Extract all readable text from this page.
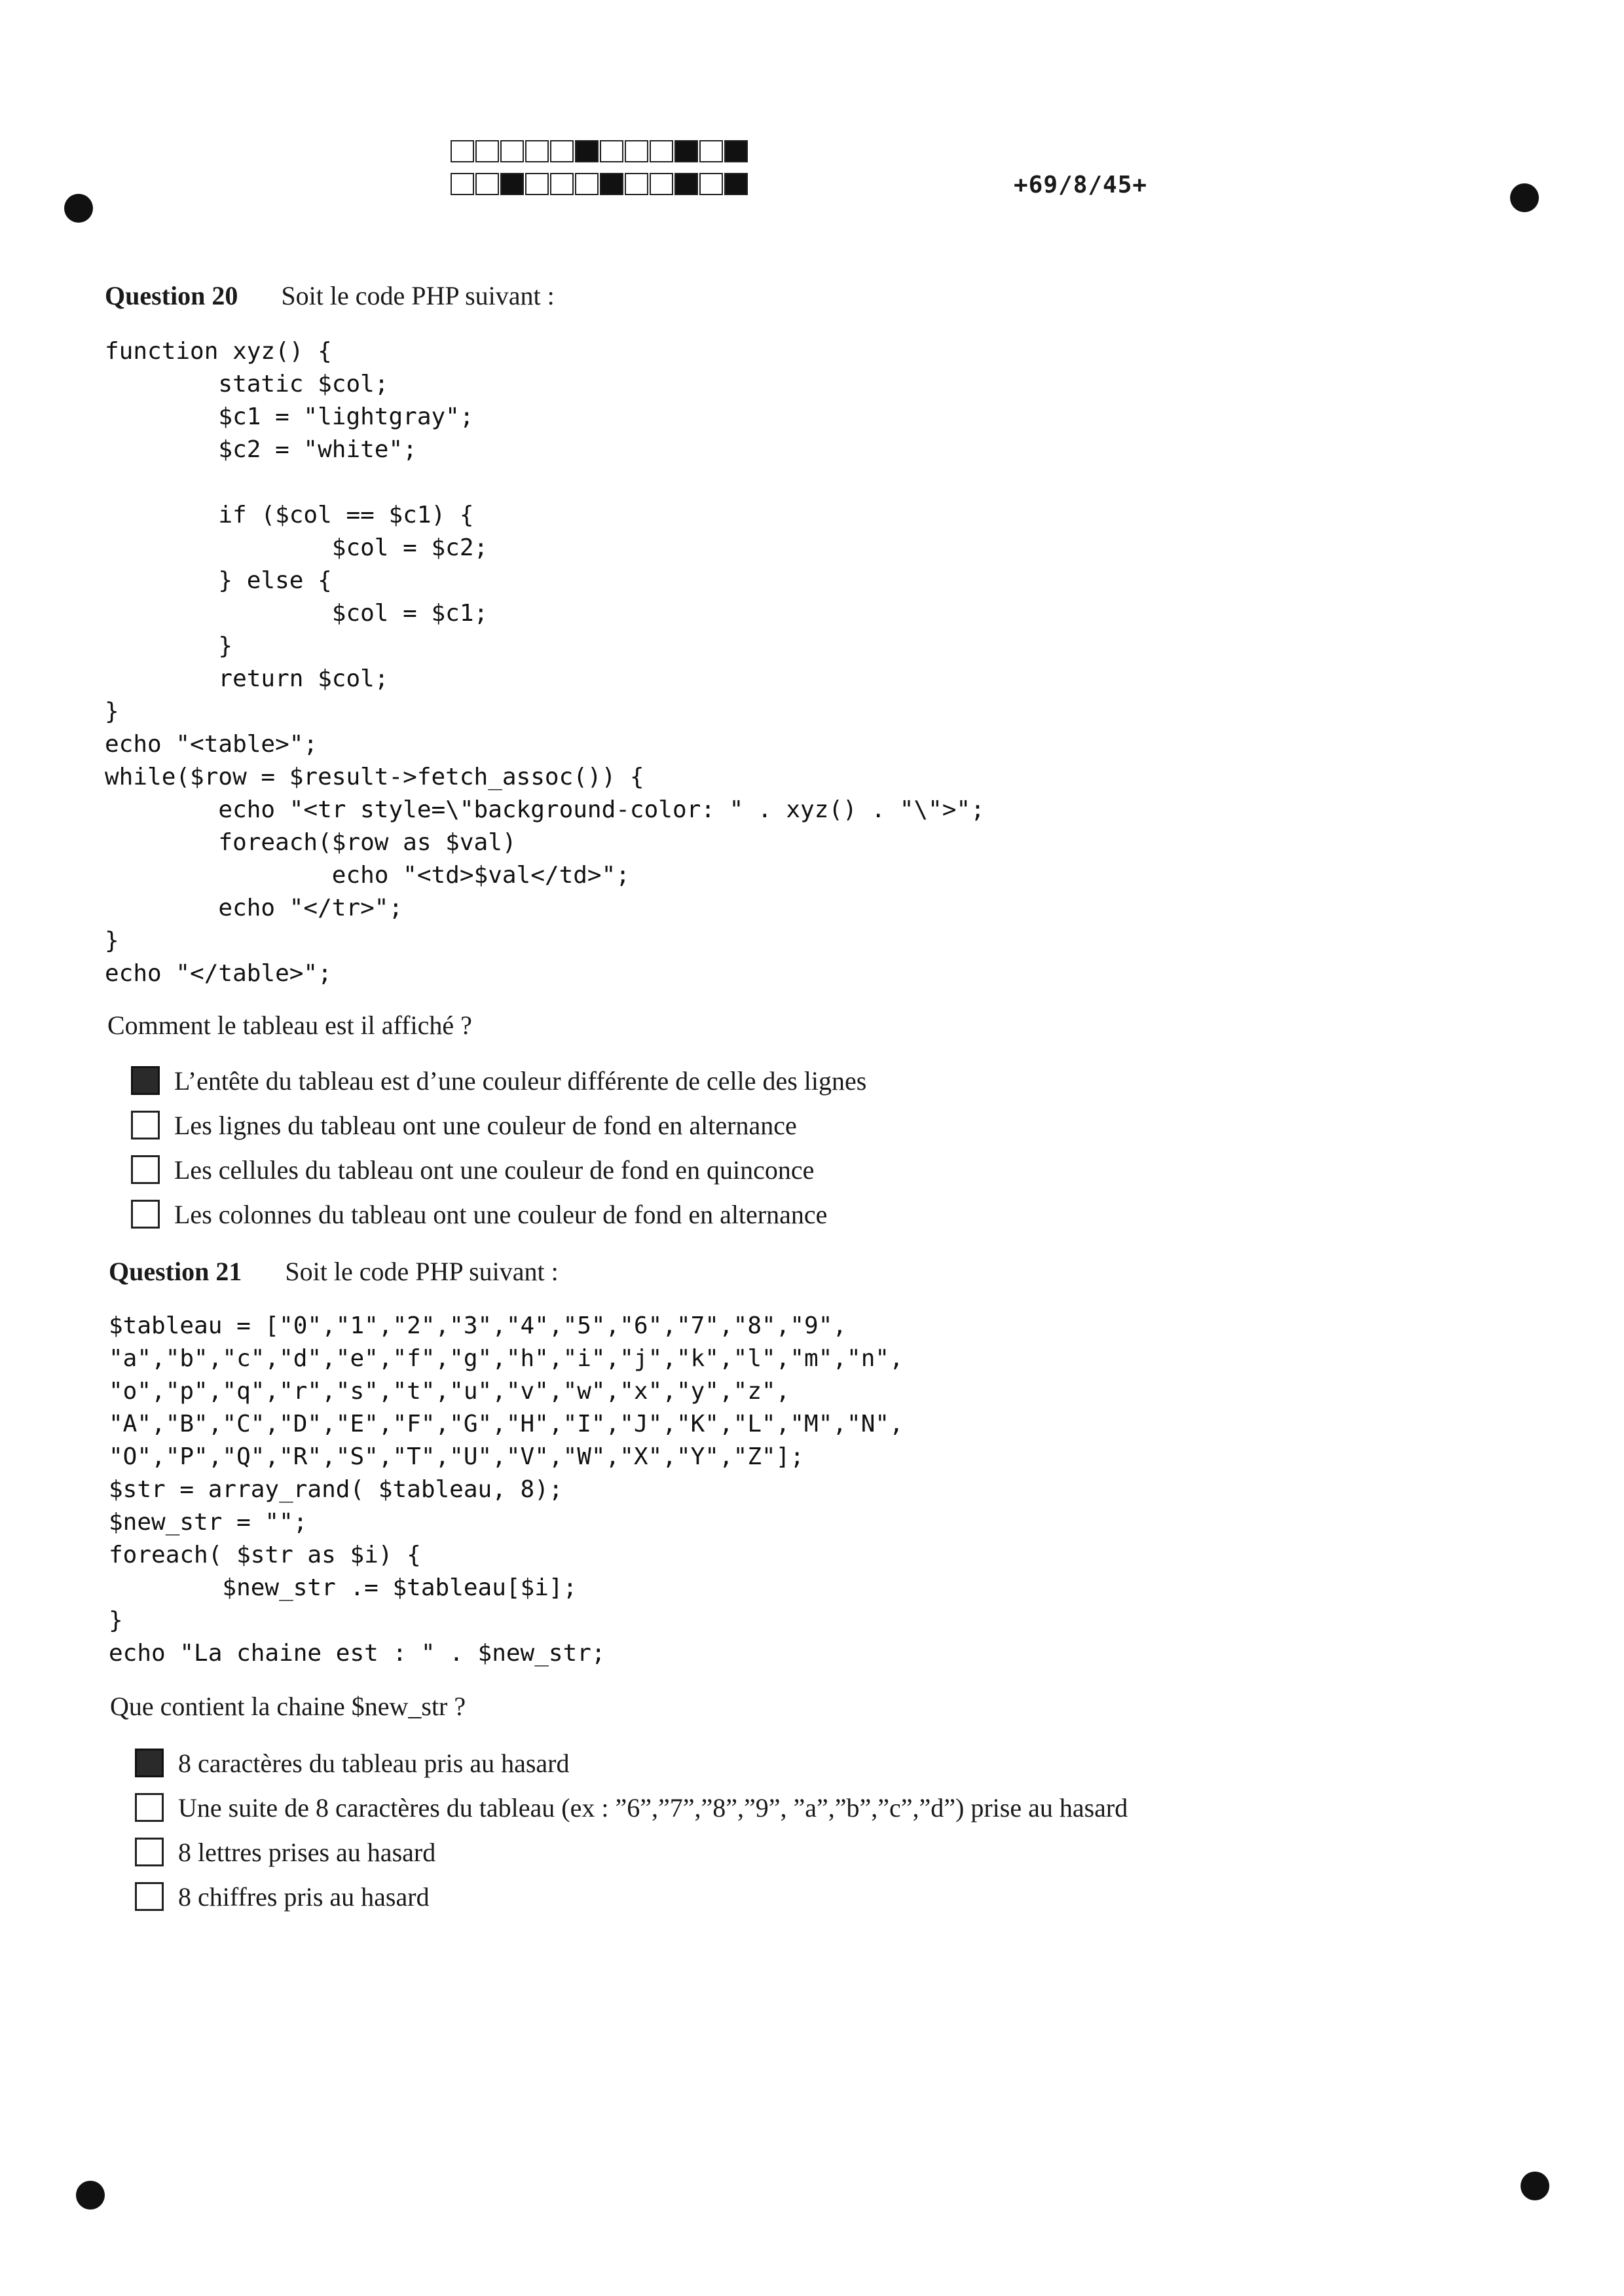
+69/8/45+
Question 20 Soit le code PHP suivant :
function xyz() {
static $col;
$c1 = "lightgray";
$c2 = "white";

if ($col == $c1) {
$col = $c2;
} else {
$col = $c1;
}
return $col;
}
echo "<table>";
while($row = $result->fetch_assoc()) {
echo "<tr style=\"background-color: " . xyz() . "\">";
foreach($row as $val)
echo "<td>$val</td>";
echo "</tr>";
}
echo "</table>";
Comment le tableau est il affiché ?
L’entête du tableau est d’une couleur différente de celle des lignes
Les lignes du tableau ont une couleur de fond en alternance
Les cellules du tableau ont une couleur de fond en quinconce
Les colonnes du tableau ont une couleur de fond en alternance
Question 21 Soit le code PHP suivant :
$tableau = ["0","1","2","3","4","5","6","7","8","9",
"a","b","c","d","e","f","g","h","i","j","k","l","m","n",
"o","p","q","r","s","t","u","v","w","x","y","z",
"A","B","C","D","E","F","G","H","I","J","K","L","M","N",
"O","P","Q","R","S","T","U","V","W","X","Y","Z"];
$str = array_rand( $tableau, 8);
$new_str = "";
foreach( $str as $i) {
$new_str .= $tableau[$i];
}
echo "La chaine est : " . $new_str;
Que contient la chaine $new_str ?
8 caractères du tableau pris au hasard
Une suite de 8 caractères du tableau (ex : ”6”,”7”,”8”,”9”, ”a”,”b”,”c”,”d”) prise au hasard
8 lettres prises au hasard
8 chiffres pris au hasard
